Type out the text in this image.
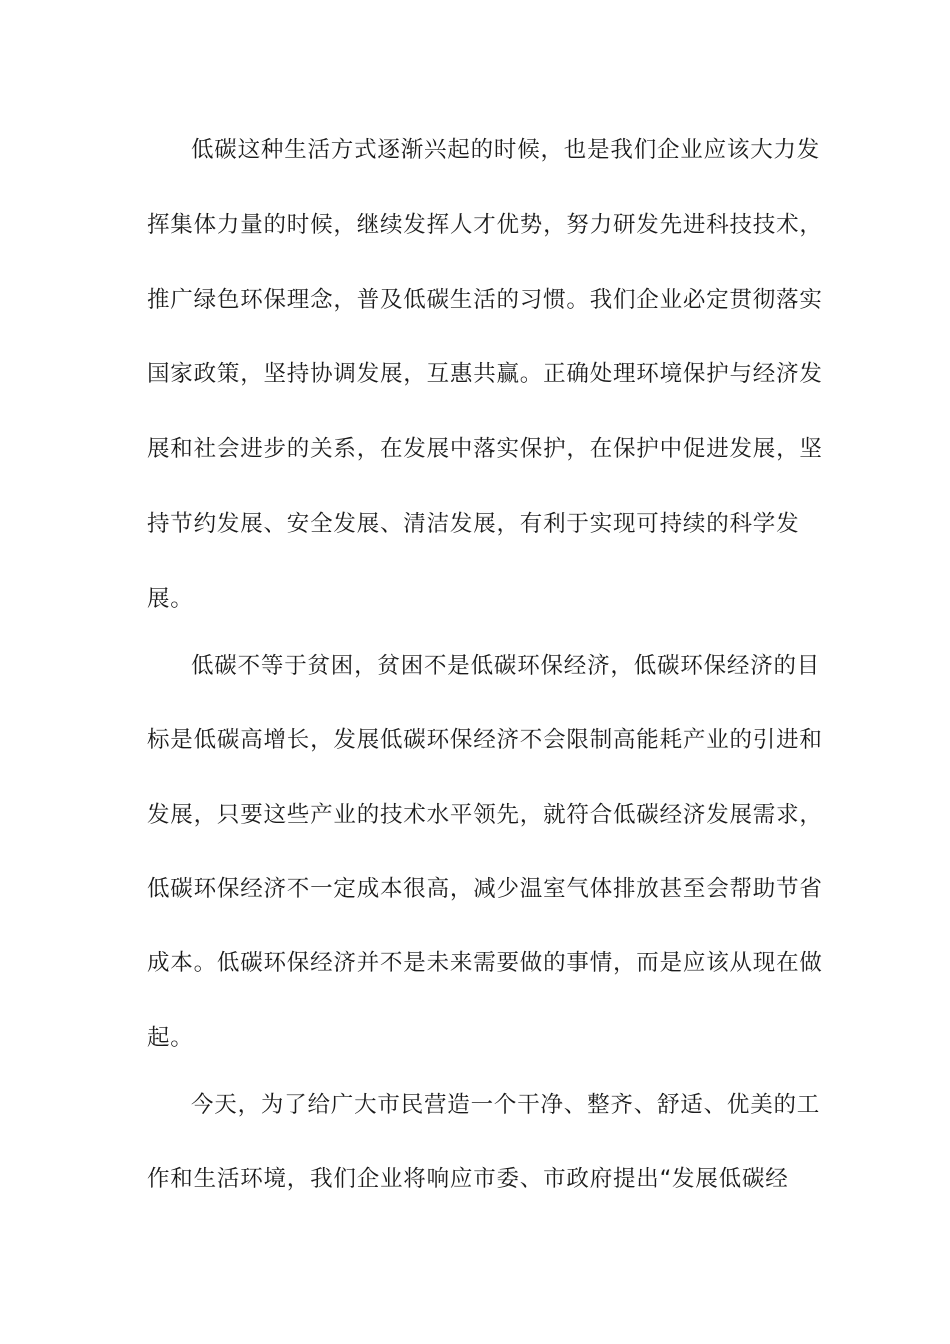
低碳这种生活方式逐渐兴起的时候，也是我们企业应该大力发
挥集体力量的时候，继续发挥人才优势，努力研发先进科技技术，
推广绿色环保理念，普及低碳生活的习惯。我们企业必定贯彻落实
国家政策，坚持协调发展，互惠共赢。正确处理环境保护与经济发
展和社会进步的关系，在发展中落实保护，在保护中促进发展，坚
持节约发展、安全发展、清洁发展，有利于实现可持续的科学发
展。
低碳不等于贫困，贫困不是低碳环保经济，低碳环保经济的目
标是低碳高增长，发展低碳环保经济不会限制高能耗产业的引进和
发展，只要这些产业的技术水平领先，就符合低碳经济发展需求，
低碳环保经济不一定成本很高，减少温室气体排放甚至会帮助节省
成本。低碳环保经济并不是未来需要做的事情，而是应该从现在做
起。
今天，为了给广大市民营造一个干净、整齐、舒适、优美的工
作和生活环境，我们企业将响应市委、市政府提出“发展低碳经
